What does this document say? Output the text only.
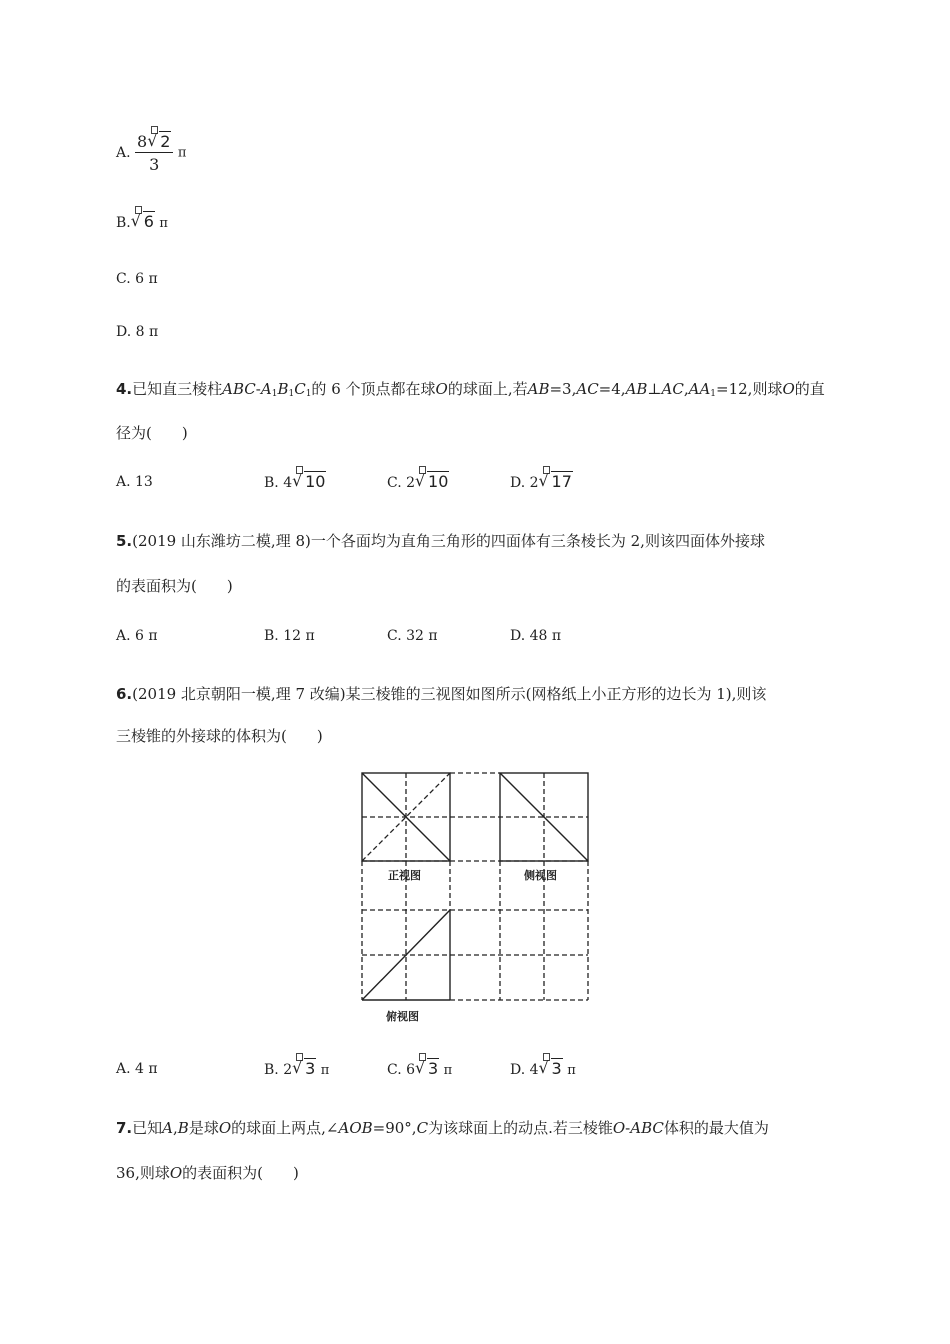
A. $\frac{8 √ 2}{3}$ π
B. √ 6 π
C. 6 π
D. 8 π
4.已知直三棱柱ABC-$A_1B_1C_1$的 6 个顶点都在球O的球面上,若$AB=3,AC=4,AB\perp AC,AA_1=12$,则球O的直
径为(　　)
A. 13	B. 4 √ 10	C. 2 √ 10	D. 2 √ 17
5.(2019 山东潍坊二模,理 8)一个各面均为直角三角形的四面体有三条棱长为 2,则该四面体外接球
的表面积为(　　)
A. 6 π	B. 12 π	C. 32 π	D. 48 π
6.(2019 北京朝阳一模,理 7 改编)某三棱锥的三视图如图所示(网格纸上小正方形的边长为 1),则该
三棱锥的外接球的体积为(　　)
正视图	侧视图
俯视图
A. 4 π	B. 2 √ 3 π	C. 6 √ 3 π	D. 4 √ 3 π
7.已知A,B是球O的球面上两点,∠AOB=90°,C为该球面上的动点.若三棱锥O-ABC体积的最大值为
36,则球O的表面积为(　　)
